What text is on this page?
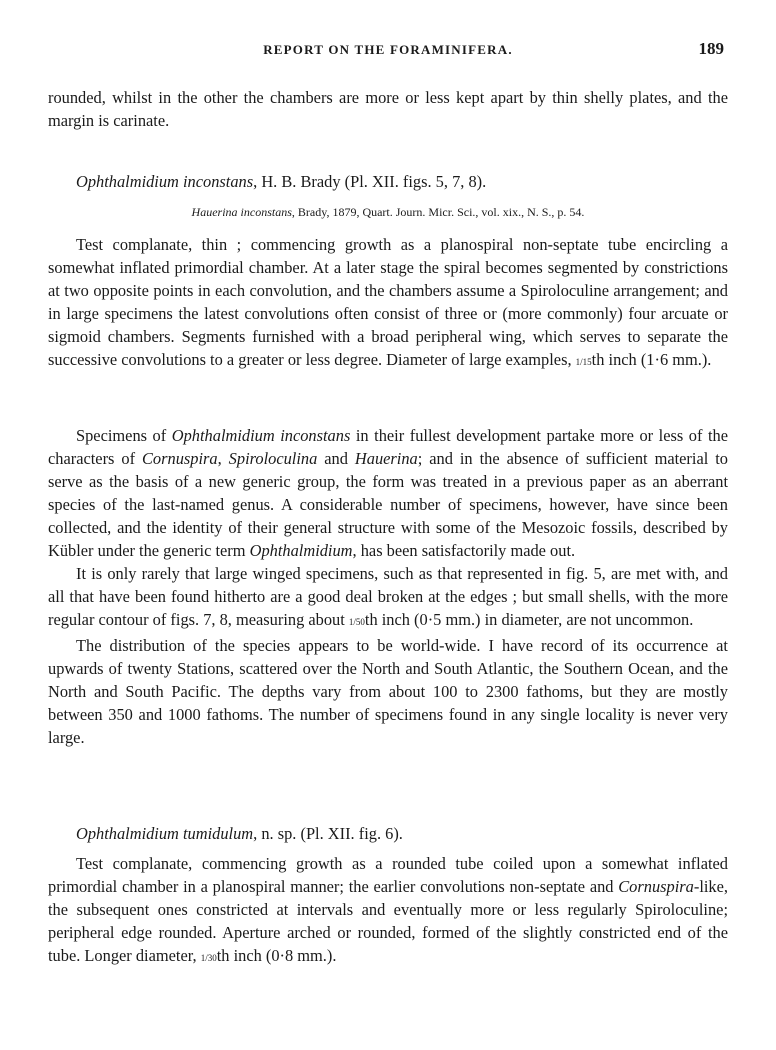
REPORT ON THE FORAMINIFERA.	189

rounded, whilst in the other the chambers are more or less kept apart by thin shelly plates, and the margin is carinate.

Ophthalmidium inconstans, H. B. Brady (Pl. XII. figs. 5, 7, 8).
Hauerina inconstans, Brady, 1879, Quart. Journ. Micr. Sci., vol. xix., N. S., p. 54.

Test complanate, thin ; commencing growth as a planospiral non-septate tube encircling a somewhat inflated primordial chamber. At a later stage the spiral becomes segmented by constrictions at two opposite points in each convolution, and the chambers assume a Spiroloculine arrangement; and in large specimens the latest convolutions often consist of three or (more commonly) four arcuate or sigmoid chambers. Segments furnished with a broad peripheral wing, which serves to separate the successive convolutions to a greater or less degree. Diameter of large examples, 1/15th inch (1·6 mm.).

Specimens of Ophthalmidium inconstans in their fullest development partake more or less of the characters of Cornuspira, Spiroloculina and Hauerina; and in the absence of sufficient material to serve as the basis of a new generic group, the form was treated in a previous paper as an aberrant species of the last-named genus. A considerable number of specimens, however, have since been collected, and the identity of their general structure with some of the Mesozoic fossils, described by Kübler under the generic term Ophthalmidium, has been satisfactorily made out.

It is only rarely that large winged specimens, such as that represented in fig. 5, are met with, and all that have been found hitherto are a good deal broken at the edges ; but small shells, with the more regular contour of figs. 7, 8, measuring about 1/50th inch (0·5 mm.) in diameter, are not uncommon.

The distribution of the species appears to be world-wide. I have record of its occurrence at upwards of twenty Stations, scattered over the North and South Atlantic, the Southern Ocean, and the North and South Pacific. The depths vary from about 100 to 2300 fathoms, but they are mostly between 350 and 1000 fathoms. The number of specimens found in any single locality is never very large.

Ophthalmidium tumidulum, n. sp. (Pl. XII. fig. 6).

Test complanate, commencing growth as a rounded tube coiled upon a somewhat inflated primordial chamber in a planospiral manner; the earlier convolutions non-septate and Cornuspira-like, the subsequent ones constricted at intervals and eventually more or less regularly Spiroloculine; peripheral edge rounded. Aperture arched or rounded, formed of the slightly constricted end of the tube. Longer diameter, 1/30th inch (0·8 mm.).
